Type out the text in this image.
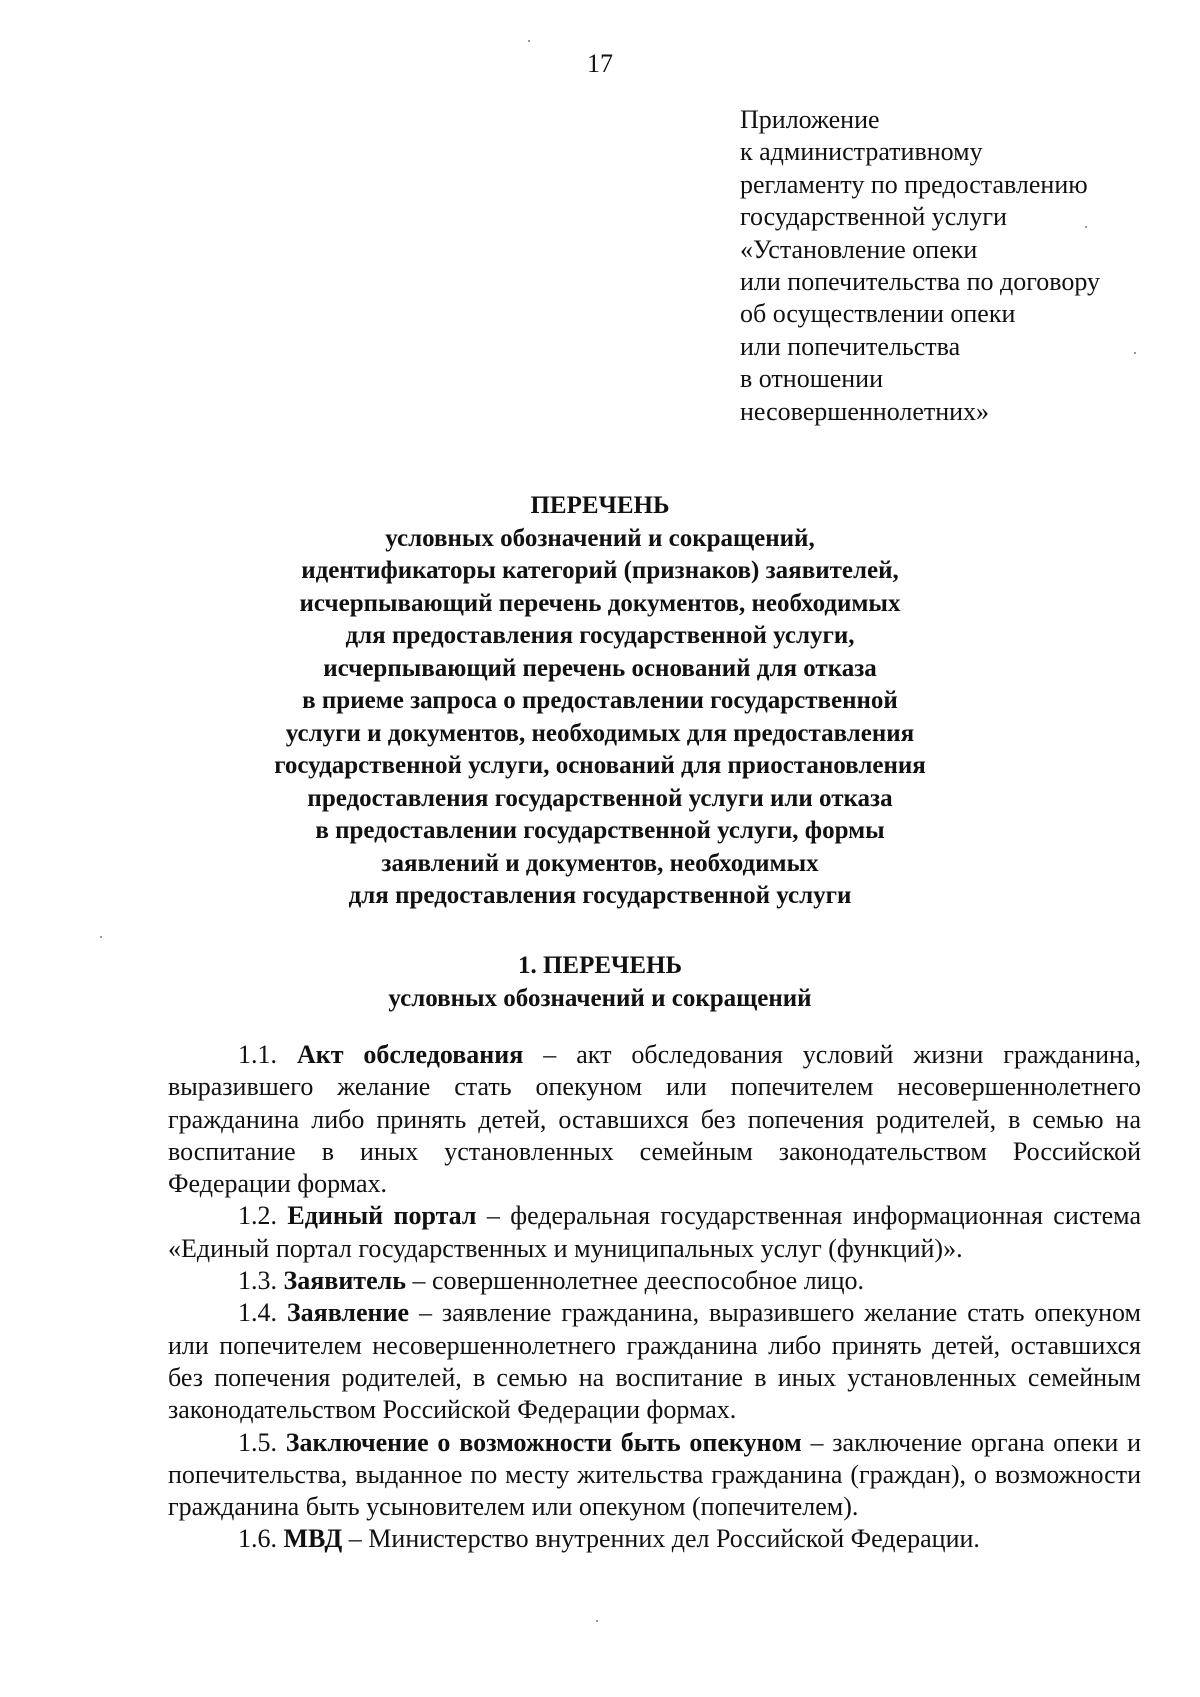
17
Приложение
к административному
регламенту по предоставлению
государственной услуги
«Установление опеки
или попечительства по договору
об осуществлении опеки
или попечительства
в отношении
несовершеннолетних»
ПЕРЕЧЕНЬ
условных обозначений и сокращений,
идентификаторы категорий (признаков) заявителей,
исчерпывающий перечень документов, необходимых
для предоставления государственной услуги,
исчерпывающий перечень оснований для отказа
в приеме запроса о предоставлении государственной
услуги и документов, необходимых для предоставления
государственной услуги, оснований для приостановления
предоставления государственной услуги или отказа
в предоставлении государственной услуги, формы
заявлений и документов, необходимых
для предоставления государственной услуги
1. ПЕРЕЧЕНЬ
условных обозначений и сокращений

1.1. Акт обследования – акт обследования условий жизни гражданина, выразившего желание стать опекуном или попечителем несовершеннолетнего гражданина либо принять детей, оставшихся без попечения родителей, в семью на воспитание в иных установленных семейным законодательством Российской Федерации формах.

1.2. Единый портал – федеральная государственная информационная система «Единый портал государственных и муниципальных услуг (функций)».

1.3. Заявитель – совершеннолетнее дееспособное лицо.

1.4. Заявление – заявление гражданина, выразившего желание стать опекуном или попечителем несовершеннолетнего гражданина либо принять детей, оставшихся без попечения родителей, в семью на воспитание в иных установленных семейным законодательством Российской Федерации формах.

1.5. Заключение о возможности быть опекуном – заключение органа опеки и попечительства, выданное по месту жительства гражданина (граждан), о возможности гражданина быть усыновителем или опекуном (попечителем).

1.6. МВД – Министерство внутренних дел Российской Федерации.
